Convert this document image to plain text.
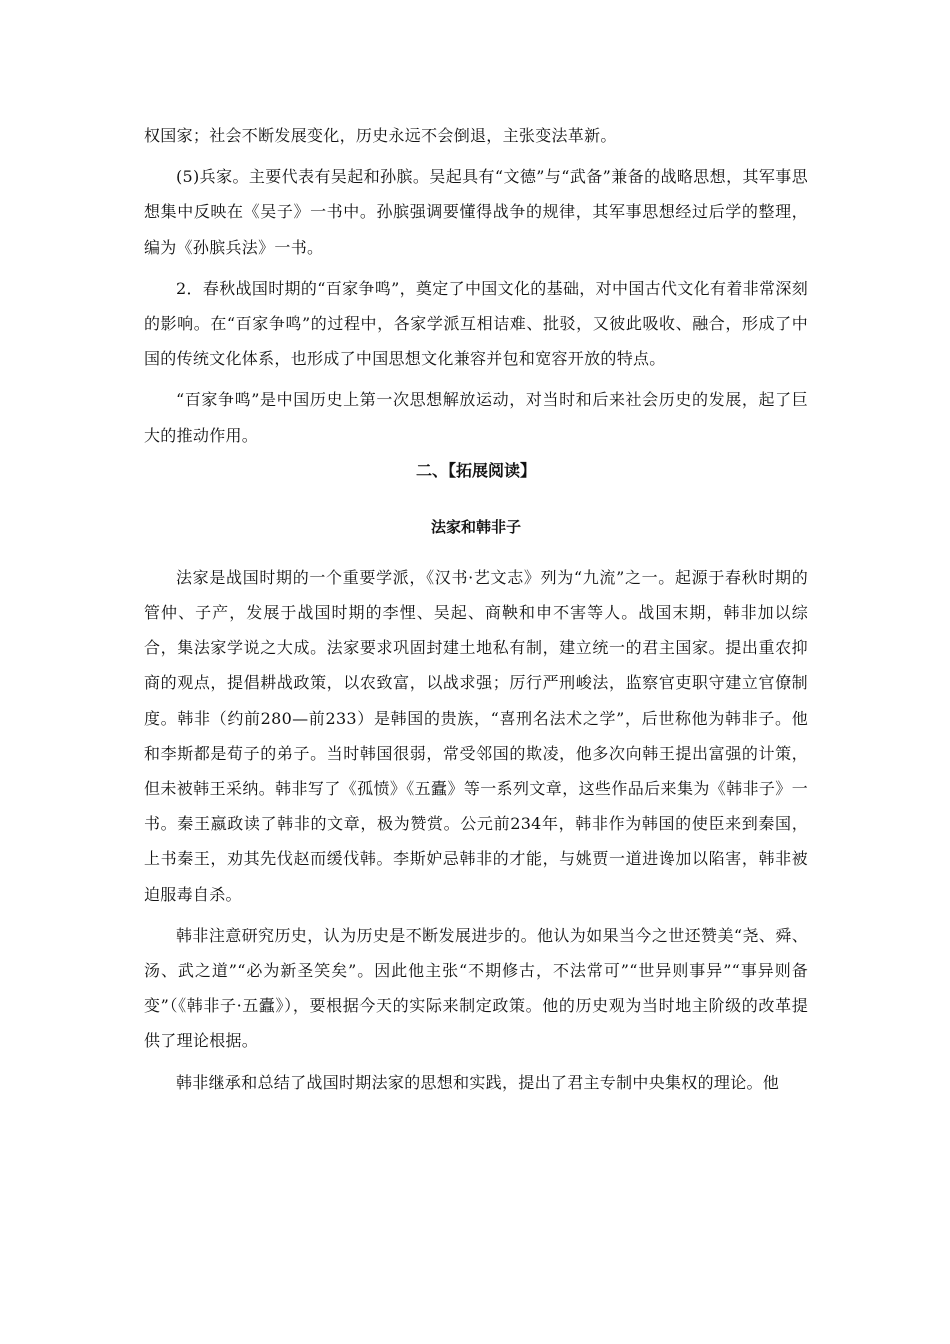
权国家；社会不断发展变化，历史永远不会倒退，主张变法革新。

(5)兵家。主要代表有吴起和孙膑。吴起具有“文德”与“武备”兼备的战略思想，其军事思想集中反映在《吴子》一书中。孙膑强调要懂得战争的规律，其军事思想经过后学的整理，编为《孙膑兵法》一书。

2．春秋战国时期的“百家争鸣”，奠定了中国文化的基础，对中国古代文化有着非常深刻的影响。在“百家争鸣”的过程中，各家学派互相诘难、批驳，又彼此吸收、融合，形成了中国的传统文化体系，也形成了中国思想文化兼容并包和宽容开放的特点。

“百家争鸣”是中国历史上第一次思想解放运动，对当时和后来社会历史的发展，起了巨大的推动作用。

二、【拓展阅读】
法家和韩非子

法家是战国时期的一个重要学派，《汉书·艺文志》列为“九流”之一。起源于春秋时期的管仲、子产，发展于战国时期的李悝、吴起、商鞅和申不害等人。战国末期，韩非加以综合，集法家学说之大成。法家要求巩固封建土地私有制，建立统一的君主国家。提出重农抑商的观点，提倡耕战政策，以农致富，以战求强；厉行严刑峻法，监察官吏职守建立官僚制度。韩非（约前280—前233）是韩国的贵族，“喜刑名法术之学”，后世称他为韩非子。他和李斯都是荀子的弟子。当时韩国很弱，常受邻国的欺凌，他多次向韩王提出富强的计策，但未被韩王采纳。韩非写了《孤愤》《五蠹》等一系列文章，这些作品后来集为《韩非子》一书。秦王嬴政读了韩非的文章，极为赞赏。公元前234年，韩非作为韩国的使臣来到秦国，上书秦王，劝其先伐赵而缓伐韩。李斯妒忌韩非的才能，与姚贾一道进谗加以陷害，韩非被迫服毒自杀。

韩非注意研究历史，认为历史是不断发展进步的。他认为如果当今之世还赞美“尧、舜、汤、武之道”“必为新圣笑矣”。因此他主张“不期修古，不法常可”“世异则事异”“事异则备变”（《韩非子·五蠹》），要根据今天的实际来制定政策。他的历史观为当时地主阶级的改革提供了理论根据。

韩非继承和总结了战国时期法家的思想和实践，提出了君主专制中央集权的理论。他
